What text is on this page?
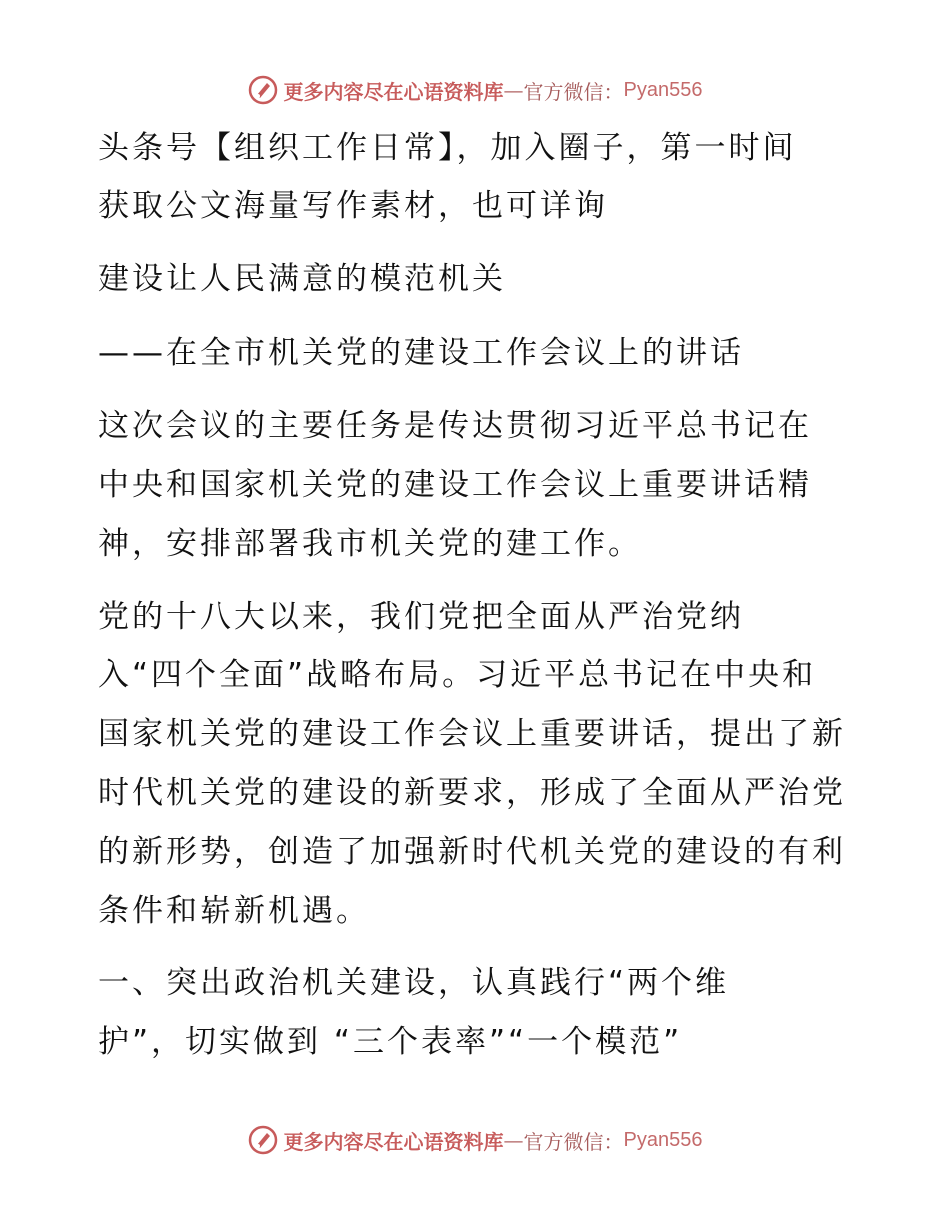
更多内容尽在心语资料库 — 官方微信： Pyan556
头条号【组织工作日常】，加入圈子，第一时间
获取公文海量写作素材，也可详询
建设让人民满意的模范机关
——在全市机关党的建设工作会议上的讲话
这次会议的主要任务是传达贯彻习近平总书记在
中央和国家机关党的建设工作会议上重要讲话精
神，安排部署我市机关党的建工作。
党的十八大以来，我们党把全面从严治党纳
入“四个全面”战略布局。习近平总书记在中央和
国家机关党的建设工作会议上重要讲话，提出了新
时代机关党的建设的新要求，形成了全面从严治党
的新形势，创造了加强新时代机关党的建设的有利
条件和崭新机遇。
一、突出政治机关建设，认真践行“两个维
护”，切实做到 “三个表率”“一个模范”
更多内容尽在心语资料库 — 官方微信： Pyan556
